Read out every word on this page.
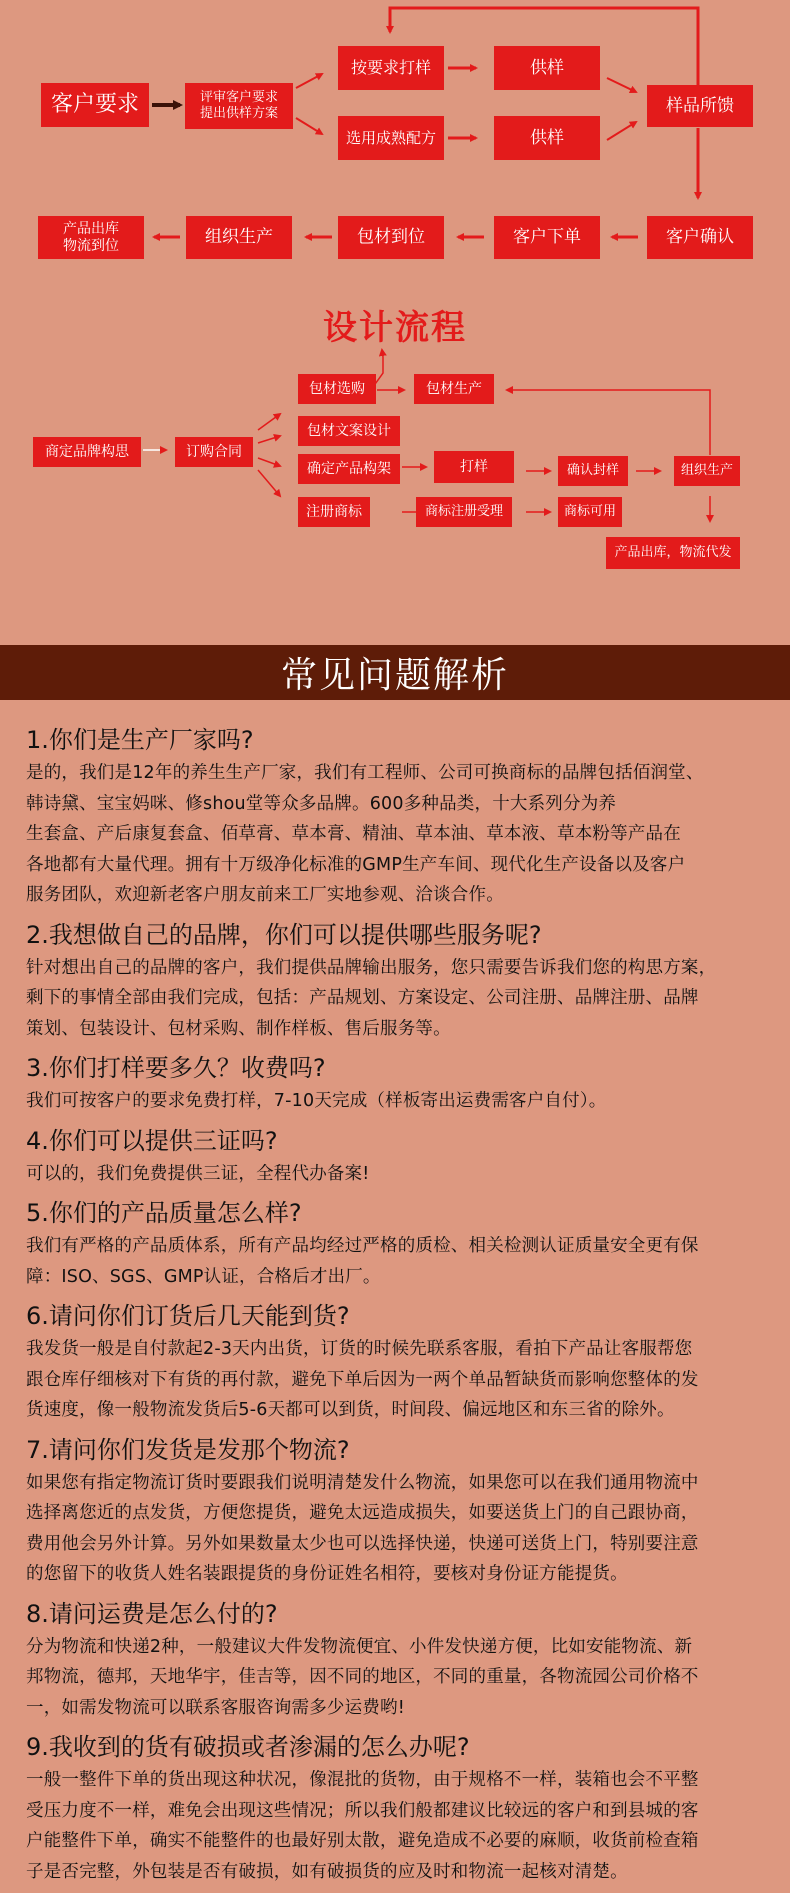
客户要求	评审客户要求
提出供样方案
按要求打样
选用成熟配方
供样
供样
样品所馈
客户确认
客户下单
包材到位
组织生产
产品出库
物流到位
设计流程
商定品牌构思	订购合同
包材选购	包材生产
包材文案设计
确定产品构架	打样	确认封样	组织生产
注册商标	商标注册受理	商标可用
产品出库，物流代发
常见问题解析
1.你们是生产厂家吗?
是的，我们是12年的养生生产厂家，我们有工程师、公司可换商标的品牌包括佰润堂、
韩诗黛、宝宝妈咪、修shou堂等众多品牌。600多种品类，十大系列分为养
生套盒、产后康复套盒、佰草膏、草本膏、精油、草本油、草本液、草本粉等产品在
各地都有大量代理。拥有十万级净化标准的GMP生产车间、现代化生产设备以及客户
服务团队，欢迎新老客户朋友前来工厂实地参观、洽谈合作。
2.我想做自己的品牌，你们可以提供哪些服务呢?
针对想出自己的品牌的客户，我们提供品牌输出服务，您只需要告诉我们您的构思方案，
剩下的事情全部由我们完成，包括：产品规划、方案设定、公司注册、品牌注册、品牌
策划、包装设计、包材采购、制作样板、售后服务等。
3.你们打样要多久？收费吗?
我们可按客户的要求免费打样，7-10天完成（样板寄出运费需客户自付）。
4.你们可以提供三证吗?
可以的，我们免费提供三证，全程代办备案!
5.你们的产品质量怎么样?
我们有严格的产品质体系，所有产品均经过严格的质检、相关检测认证质量安全更有保
障：ISO、SGS、GMP认证，合格后才出厂。
6.请问你们订货后几天能到货?
我发货一般是自付款起2-3天内出货，订货的时候先联系客服，看拍下产品让客服帮您
跟仓库仔细核对下有货的再付款，避免下单后因为一两个单品暂缺货而影响您整体的发
货速度，像一般物流发货后5-6天都可以到货，时间段、偏远地区和东三省的除外。
7.请问你们发货是发那个物流?
如果您有指定物流订货时要跟我们说明清楚发什么物流，如果您可以在我们通用物流中
选择离您近的点发货，方便您提货，避免太远造成损失，如要送货上门的自己跟协商，
费用他会另外计算。另外如果数量太少也可以选择快递，快递可送货上门，特别要注意
的您留下的收货人姓名装跟提货的身份证姓名相符，要核对身份证方能提货。
8.请问运费是怎么付的?
分为物流和快递2种，一般建议大件发物流便宜、小件发快递方便，比如安能物流、新
邦物流，德邦，天地华宇，佳吉等，因不同的地区，不同的重量，各物流园公司价格不
一，如需发物流可以联系客服咨询需多少运费哟!
9.我收到的货有破损或者渗漏的怎么办呢?
一般一整件下单的货出现这种状况，像混批的货物，由于规格不一样，装箱也会不平整
受压力度不一样，难免会出现这些情况；所以我们般都建议比较远的客户和到县城的客
户能整件下单，确实不能整件的也最好别太散，避免造成不必要的麻顺，收货前检查箱
子是否完整，外包装是否有破损，如有破损货的应及时和物流一起核对清楚。
